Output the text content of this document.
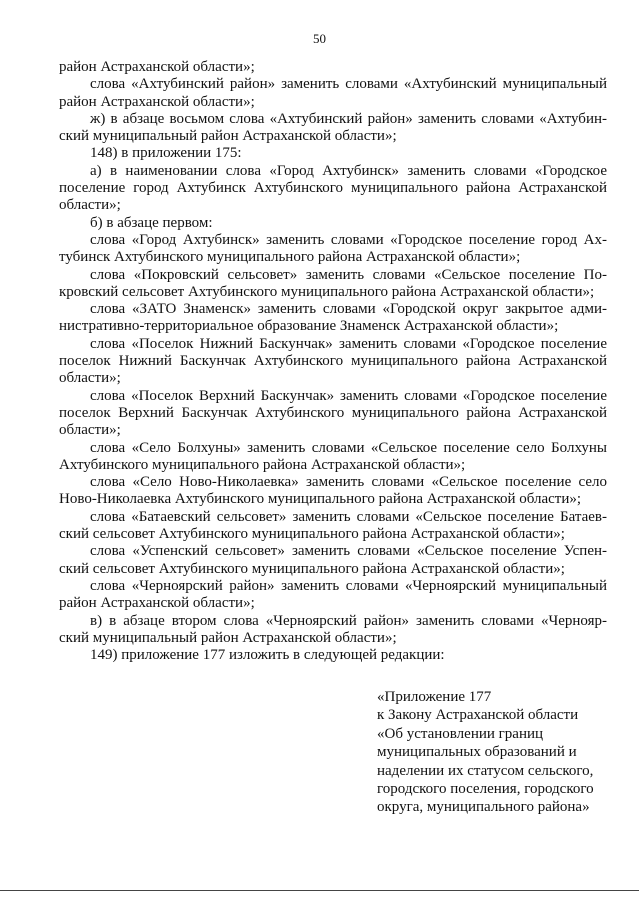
50
район Астраханской области»;
слова «Ахтубинский район» заменить словами «Ахтубинский муниципальный
район Астраханской области»;
ж) в абзаце восьмом слова «Ахтубинский район» заменить словами «Ахтубин-
ский муниципальный район Астраханской области»;
148) в приложении 175:
а) в наименовании слова «Город Ахтубинск» заменить словами «Городское
поселение город Ахтубинск Ахтубинского муниципального района Астраханской
области»;
б) в абзаце первом:
слова «Город Ахтубинск» заменить словами «Городское поселение город Ах-
тубинск Ахтубинского муниципального района Астраханской области»;
слова «Покровский сельсовет» заменить словами «Сельское поселение По-
кровский сельсовет Ахтубинского муниципального района Астраханской области»;
слова «ЗАТО Знаменск» заменить словами «Городской округ закрытое адми-
нистративно-территориальное образование Знаменск Астраханской области»;
слова «Поселок Нижний Баскунчак» заменить словами «Городское поселение
поселок Нижний Баскунчак Ахтубинского муниципального района Астраханской
области»;
слова «Поселок Верхний Баскунчак» заменить словами «Городское поселение
поселок Верхний Баскунчак Ахтубинского муниципального района Астраханской
области»;
слова «Село Болхуны» заменить словами «Сельское поселение село Болхуны
Ахтубинского муниципального района Астраханской области»;
слова «Село Ново-Николаевка» заменить словами «Сельское поселение село
Ново-Николаевка Ахтубинского муниципального района Астраханской области»;
слова «Батаевский сельсовет» заменить словами «Сельское поселение Батаев-
ский сельсовет Ахтубинского муниципального района Астраханской области»;
слова «Успенский сельсовет» заменить словами «Сельское поселение Успен-
ский сельсовет Ахтубинского муниципального района Астраханской области»;
слова «Черноярский район» заменить словами «Черноярский муниципальный
район Астраханской области»;
в) в абзаце втором слова «Черноярский район» заменить словами «Чернояр-
ский муниципальный район Астраханской области»;
149) приложение 177 изложить в следующей редакции:
«Приложение 177
к Закону Астраханской области
«Об установлении границ
муниципальных образований и
наделении их статусом сельского,
городского поселения, городского
округа, муниципального района»
